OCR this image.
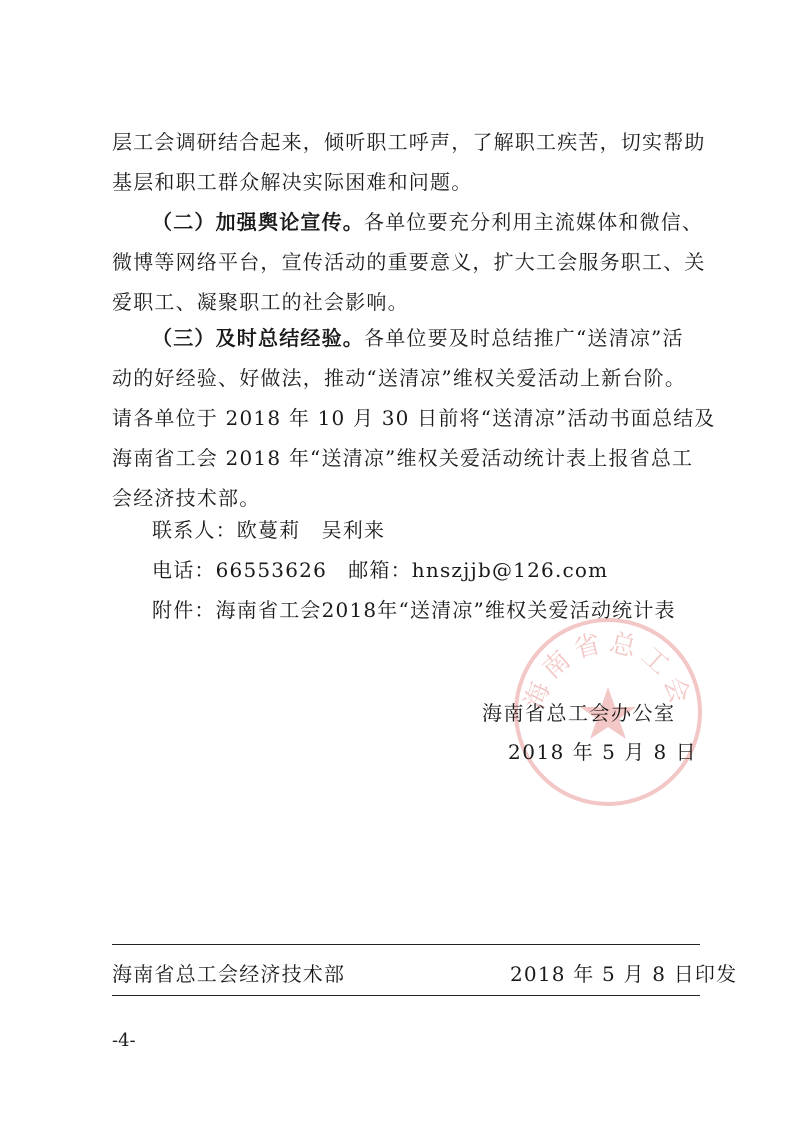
层工会调研结合起来，倾听职工呼声，了解职工疾苦，切实帮助
基层和职工群众解决实际困难和问题。
（二）加强舆论宣传。各单位要充分利用主流媒体和微信、
微博等网络平台，宣传活动的重要意义，扩大工会服务职工、关
爱职工、凝聚职工的社会影响。
（三）及时总结经验。各单位要及时总结推广“送清凉”活
动的好经验、好做法，推动“送清凉”维权关爱活动上新台阶。
请各单位于 2018 年 10 月 30 日前将“送清凉”活动书面总结及
海南省工会 2018 年“送清凉”维权关爱活动统计表上报省总工
会经济技术部。
联系人：欧蔓莉　吴利来
电话：66553626　邮箱：hnszjjb@126.com
附件：海南省工会2018年“送清凉”维权关爱活动统计表
海南省总工会
海南省总工会办公室
2018 年 5 月 8 日
海南省总工会经济技术部	2018 年 5 月 8 日印发
-4-
